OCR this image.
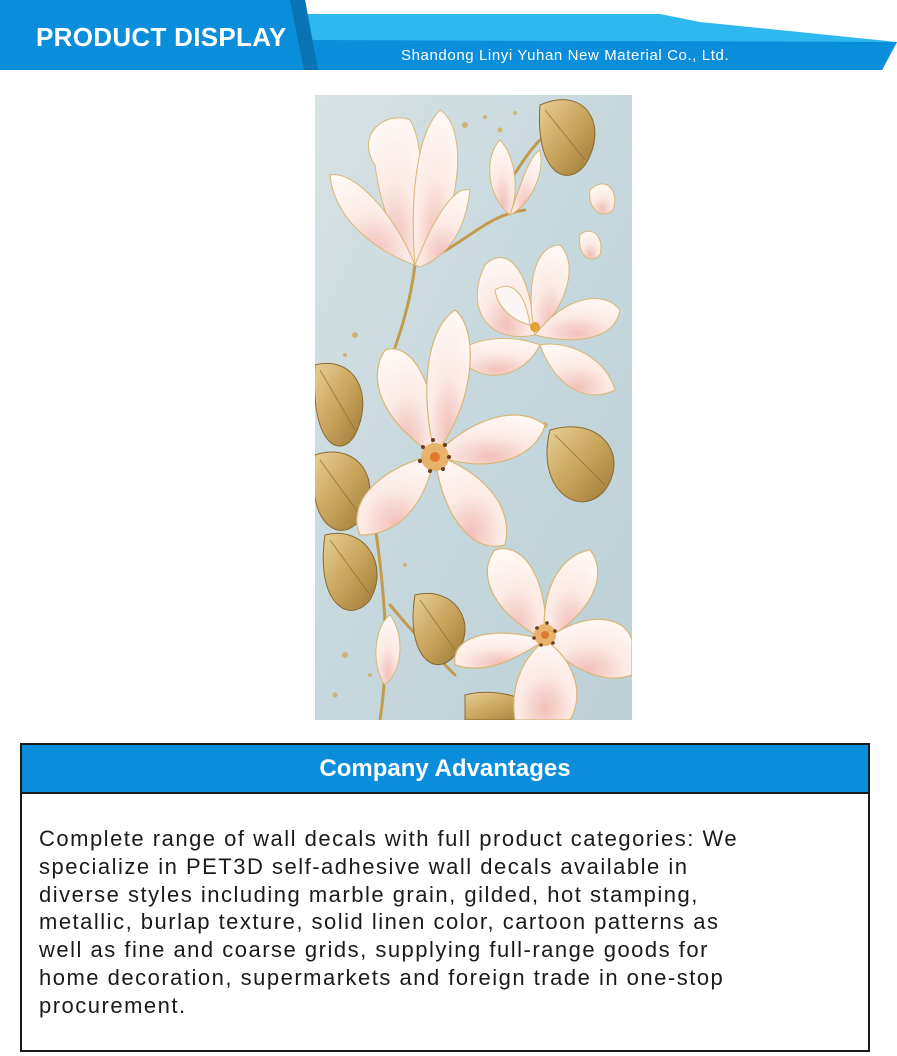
PRODUCT DISPLAY
Shandong Linyi Yuhan New Material Co., Ltd.
Company Advantages
Complete range of wall decals with full product categories: We
specialize in PET3D self-adhesive wall decals available in
diverse styles including marble grain, gilded, hot stamping,
metallic, burlap texture, solid linen color, cartoon patterns as
well as fine and coarse grids, supplying full-range goods for
home decoration, supermarkets and foreign trade in one-stop
procurement.
